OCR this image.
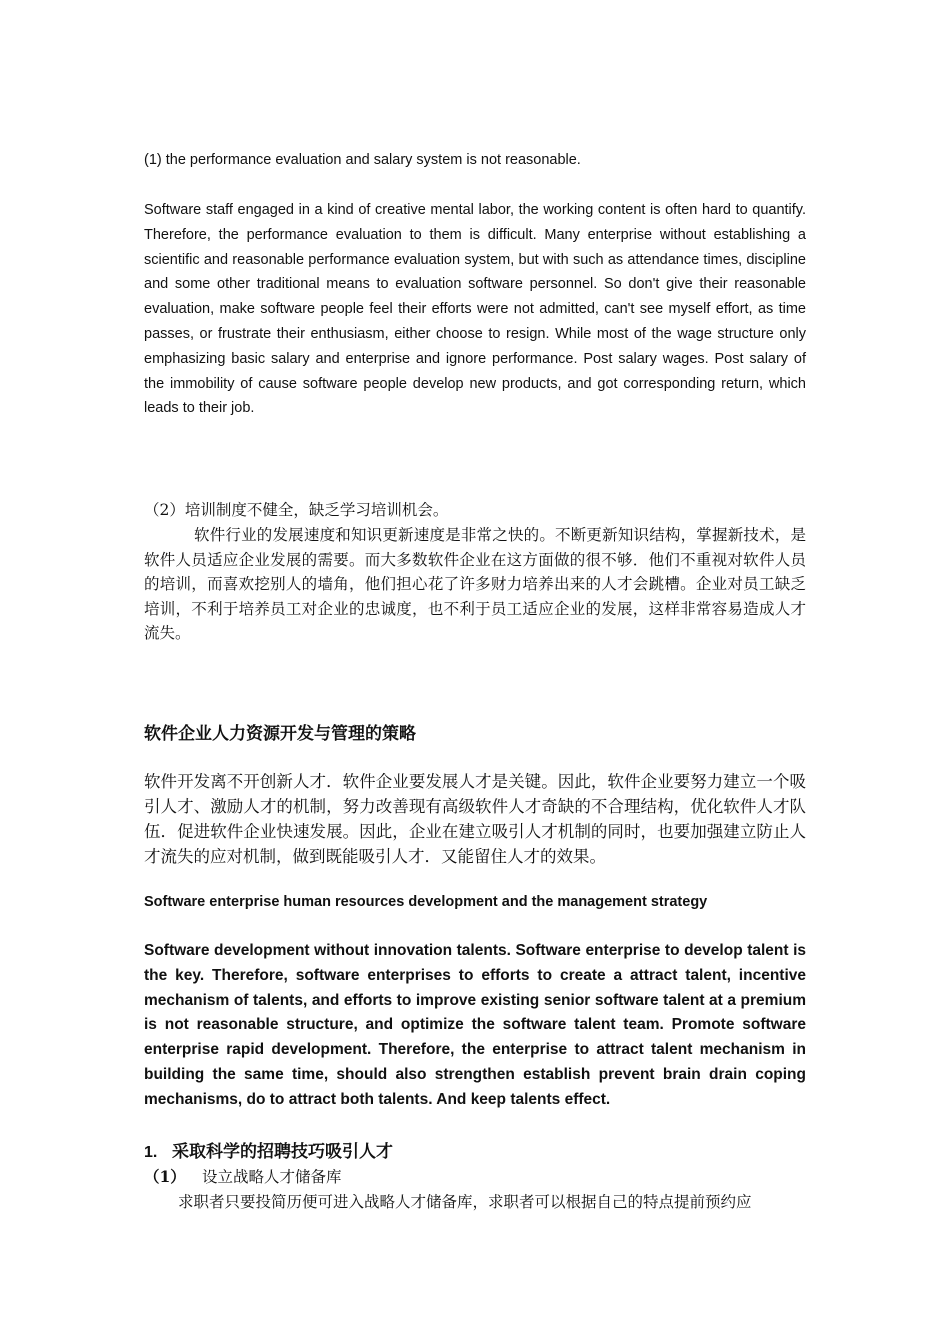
(1) the performance evaluation and salary system is not reasonable.

Software staff engaged in a kind of creative mental labor, the working content is often hard to quantify. Therefore, the performance evaluation to them is difficult. Many enterprise without establishing a scientific and reasonable performance evaluation system, but with such as attendance times, discipline and some other traditional means to evaluation software personnel. So don't give their reasonable evaluation, make software people feel their efforts were not admitted, can't see myself effort, as time passes, or frustrate their enthusiasm, either choose to resign. While most of the wage structure only emphasizing basic salary and enterprise and ignore performance. Post salary wages. Post salary of the immobility of cause software people develop new products, and got corresponding return, which leads to their job.

（2）培训制度不健全，缺乏学习培训机会。

软件行业的发展速度和知识更新速度是非常之快的。不断更新知识结构，掌握新技术，是软件人员适应企业发展的需要。而大多数软件企业在这方面做的很不够．他们不重视对软件人员的培训，而喜欢挖别人的墙角，他们担心花了许多财力培养出来的人才会跳槽。企业对员工缺乏培训，不利于培养员工对企业的忠诚度，也不利于员工适应企业的发展，这样非常容易造成人才流失。

软件企业人力资源开发与管理的策略

软件开发离不开创新人才．软件企业要发展人才是关键。因此，软件企业要努力建立一个吸引人才、激励人才的机制，努力改善现有高级软件人才奇缺的不合理结构，优化软件人才队伍．促进软件企业快速发展。因此，企业在建立吸引人才机制的同时，也要加强建立防止人才流失的应对机制，做到既能吸引人才．又能留住人才的效果。

Software enterprise human resources development and the management strategy

Software development without innovation talents. Software enterprise to develop talent is the key. Therefore, software enterprises to efforts to create a attract talent, incentive mechanism of talents, and efforts to improve existing senior software talent at a premium is not reasonable structure, and optimize the software talent team. Promote software enterprise rapid development. Therefore, the enterprise to attract talent mechanism in building the same time, should also strengthen establish prevent brain drain coping mechanisms, do to attract both talents. And keep talents effect.

1. 采取科学的招聘技巧吸引人才
（1） 设立战略人才储备库

求职者只要投简历便可进入战略人才储备库，求职者可以根据自己的特点提前预约应
